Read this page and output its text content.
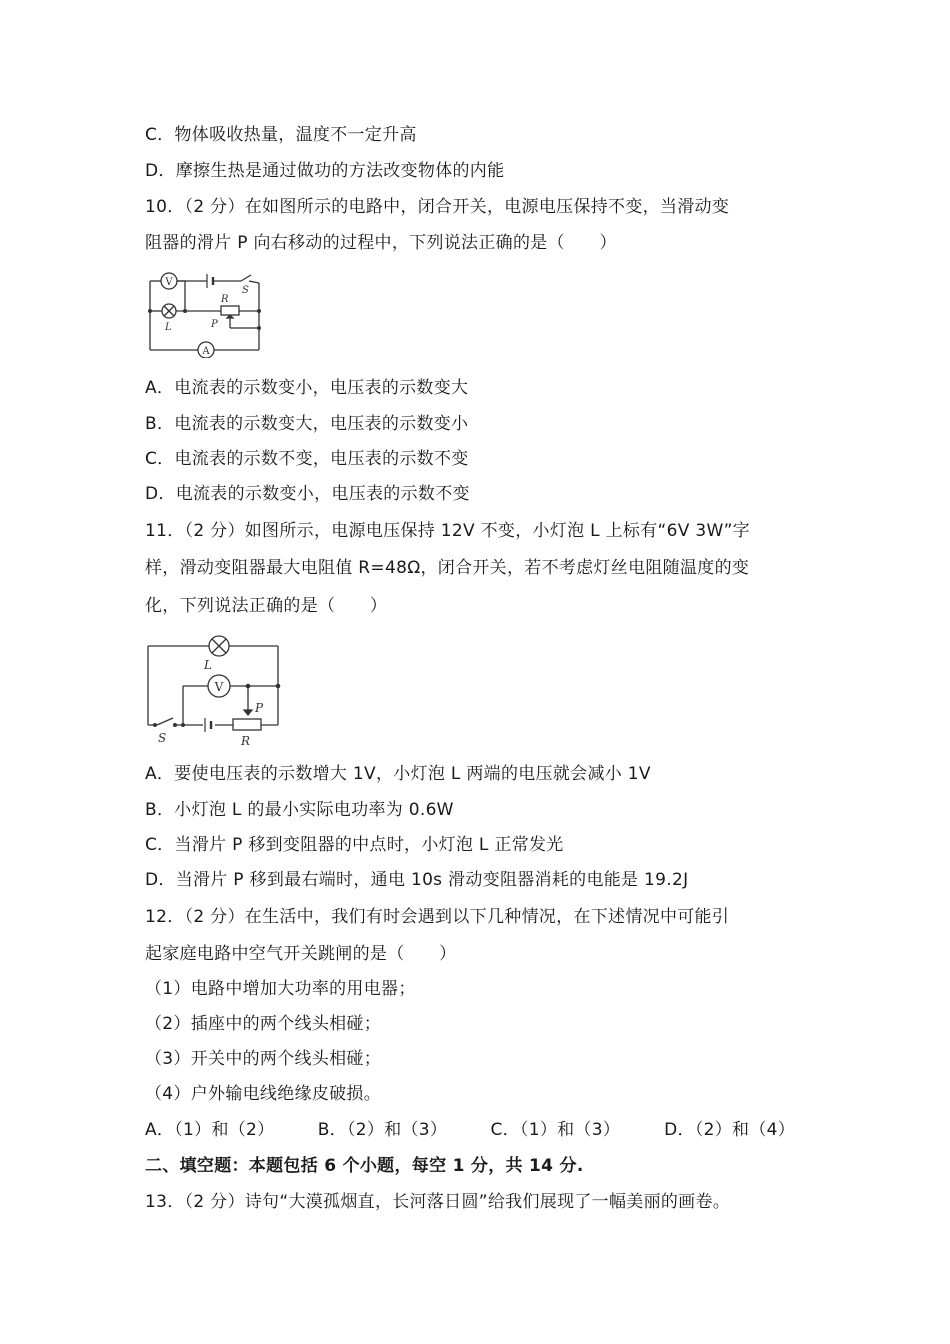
C．物体吸收热量，温度不一定升高
D．摩擦生热是通过做功的方法改变物体的内能
10．（2 分）在如图所示的电路中，闭合开关，电源电压保持不变，当滑动变
阻器的滑片 P 向右移动的过程中，下列说法正确的是（　　）
V
A
S
R
L	P
A．电流表的示数变小，电压表的示数变大
B．电流表的示数变大，电压表的示数变小
C．电流表的示数不变，电压表的示数不变
D．电流表的示数变小，电压表的示数不变
11．（2 分）如图所示，电源电压保持 12V 不变，小灯泡 L 上标有“6V 3W”字
样，滑动变阻器最大电阻值 R=48Ω，闭合开关，若不考虑灯丝电阻随温度的变
化，下列说法正确的是（　　）
V
L
P
S	R
A．要使电压表的示数增大 1V，小灯泡 L 两端的电压就会减小 1V
B．小灯泡 L 的最小实际电功率为 0.6W
C．当滑片 P 移到变阻器的中点时，小灯泡 L 正常发光
D．当滑片 P 移到最右端时，通电 10s 滑动变阻器消耗的电能是 19.2J
12．（2 分）在生活中，我们有时会遇到以下几种情况，在下述情况中可能引
起家庭电路中空气开关跳闸的是（　　）
（1）电路中增加大功率的用电器；
（2）插座中的两个线头相碰；
（3）开关中的两个线头相碰；
（4）户外输电线绝缘皮破损。
A．（1）和（2）	B．（2）和（3）	C．（1）和（3）	D．（2）和（4）
二、填空题：本题包括 6 个小题，每空 1 分，共 14 分.
13．（2 分）诗句“大漠孤烟直，长河落日圆”给我们展现了一幅美丽的画卷。
